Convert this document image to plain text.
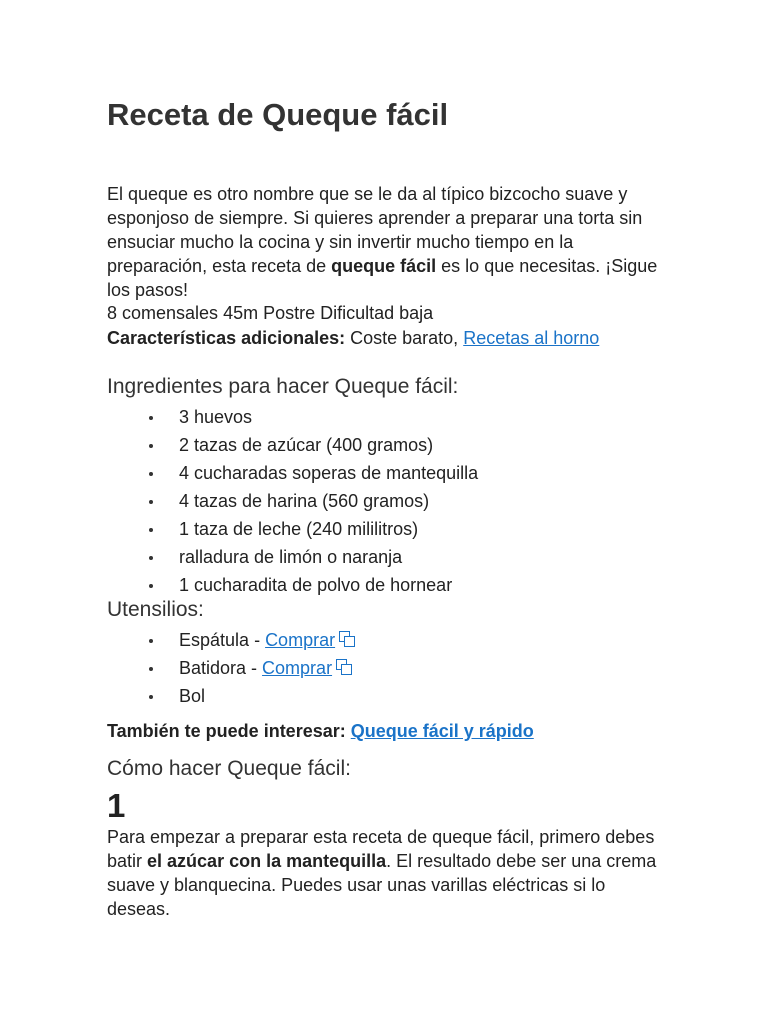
Receta de Queque fácil

El queque es otro nombre que se le da al típico bizcocho suave y esponjoso de siempre. Si quieres aprender a preparar una torta sin ensuciar mucho la cocina y sin invertir mucho tiempo en la preparación, esta receta de queque fácil es lo que necesitas. ¡Sigue los pasos!

8 comensales 45m Postre Dificultad baja

Características adicionales: Coste barato, Recetas al horno

Ingredientes para hacer Queque fácil:
3 huevos
2 tazas de azúcar (400 gramos)
4 cucharadas soperas de mantequilla
4 tazas de harina (560 gramos)
1 taza de leche (240 mililitros)
ralladura de limón o naranja
1 cucharadita de polvo de hornear
Utensilios:
Espátula - Comprar
Batidora - Comprar
Bol

También te puede interesar: Queque fácil y rápido

Cómo hacer Queque fácil:

1

Para empezar a preparar esta receta de queque fácil, primero debes batir el azúcar con la mantequilla. El resultado debe ser una crema suave y blanquecina. Puedes usar unas varillas eléctricas si lo deseas.
